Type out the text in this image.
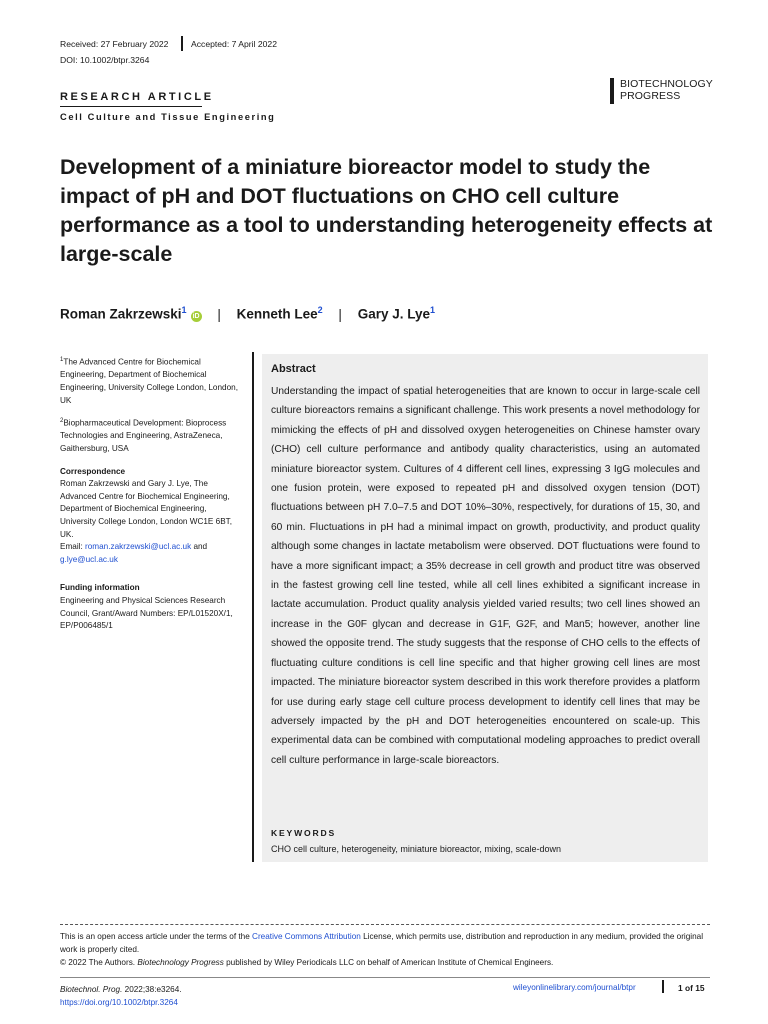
Received: 27 February 2022	Accepted: 7 April 2022
DOI: 10.1002/btpr.3264
BIOTECHNOLOGY
PROGRESS
RESEARCH ARTICLE
Cell Culture and Tissue Engineering
Development of a miniature bioreactor model to study the impact of pH and DOT fluctuations on CHO cell culture performance as a tool to understanding heterogeneity effects at large-scale
Roman Zakrzewski$^1$iD | Kenneth Lee$^2$ | Gary J. Lye$^1$

$^1$The Advanced Centre for Biochemical Engineering, Department of Biochemical Engineering, University College London, London, UK

$^2$Biopharmaceutical Development: Bioprocess Technologies and Engineering, AstraZeneca, Gaithersburg, USA

Correspondence
Roman Zakrzewski and Gary J. Lye, The Advanced Centre for Biochemical Engineering, Department of Biochemical Engineering, University College London, London WC1E 6BT, UK.
Email: roman.zakrzewski@ucl.ac.uk and g.lye@ucl.ac.uk
Funding information
Engineering and Physical Sciences Research Council, Grant/Award Numbers: EP/L01520X/1, EP/P006485/1
Abstract
Understanding the impact of spatial heterogeneities that are known to occur in large-scale cell culture bioreactors remains a significant challenge. This work presents a novel methodology for mimicking the effects of pH and dissolved oxygen heterogeneities on Chinese hamster ovary (CHO) cell culture performance and antibody quality characteristics, using an automated miniature bioreactor system. Cultures of 4 different cell lines, expressing 3 IgG molecules and one fusion protein, were exposed to repeated pH and dissolved oxygen tension (DOT) fluctuations between pH 7.0–7.5 and DOT 10%–30%, respectively, for durations of 15, 30, and 60 min. Fluctuations in pH had a minimal impact on growth, productivity, and product quality although some changes in lactate metabolism were observed. DOT fluctuations were found to have a more significant impact; a 35% decrease in cell growth and product titre was observed in the fastest growing cell line tested, while all cell lines exhibited a significant increase in lactate accumulation. Product quality analysis yielded varied results; two cell lines showed an increase in the G0F glycan and decrease in G1F, G2F, and Man5; however, another line showed the opposite trend. The study suggests that the response of CHO cells to the effects of fluctuating culture conditions is cell line specific and that higher growing cell lines are most impacted. The miniature bioreactor system described in this work therefore provides a platform for use during early stage cell culture process development to identify cell lines that may be adversely impacted by the pH and DOT heterogeneities encountered on scale-up. This experimental data can be combined with computational modeling approaches to predict overall cell culture performance in large-scale bioreactors.
KEYWORDS
CHO cell culture, heterogeneity, miniature bioreactor, mixing, scale-down
This is an open access article under the terms of the Creative Commons Attribution License, which permits use, distribution and reproduction in any medium, provided the original work is properly cited.
© 2022 The Authors. Biotechnology Progress published by Wiley Periodicals LLC on behalf of American Institute of Chemical Engineers.
Biotechnol. Prog. 2022;38:e3264.
https://doi.org/10.1002/btpr.3264
wileyonlinelibrary.com/journal/btpr	1 of 15
